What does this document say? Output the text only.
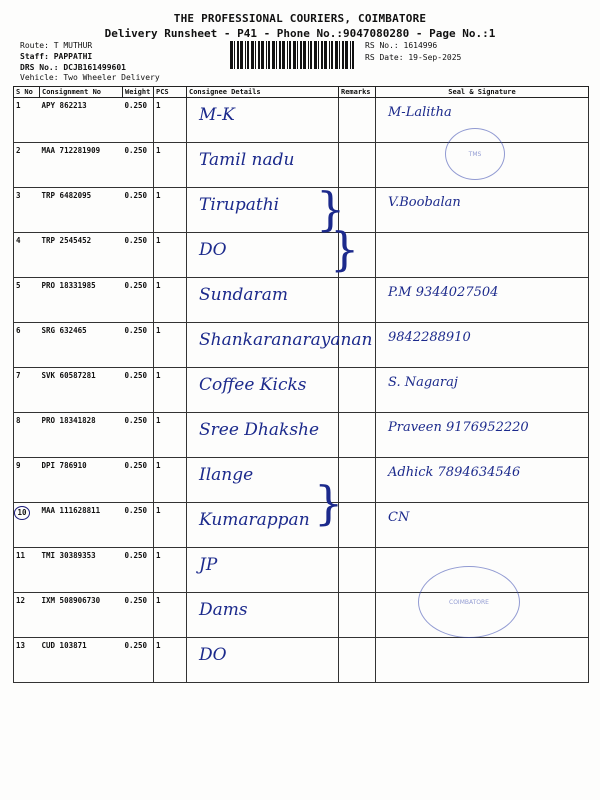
THE PROFESSIONAL COURIERS, COIMBATORE
Delivery Runsheet - P41 - Phone No.:9047080280 - Page No.:1
Route: T MUTHUR
Staff: PAPPATHI
DRS No.: DCJB161499601
Vehicle: Two Wheeler Delivery
RS No.: 1614996
RS Date: 19-Sep-2025
S No	Consignment No	Weight	PCS	Consignee Details	Remarks	Seal & Signature
1	APY 862213	0.250	1	M-K		M-Lalitha

2	MAA 712281909	0.250	1	Tamil nadu		

3	TRP 6482095	0.250	1	Tirupathi		V.Boobalan

4	TRP 2545452	0.250	1	DO		

5	PRO 18331985	0.250	1	Sundaram		P.M 9344027504

6	SRG 632465	0.250	1	Shankaranarayanan		9842288910

7	SVK 60587281	0.250	1	Coffee Kicks		S. Nagaraj

8	PRO 18341828	0.250	1	Sree Dhakshe		Praveen 9176952220

9	DPI 786910	0.250	1	Ilange		Adhick 7894634546

10	MAA 111628811	0.250	1	Kumarappan		CN

11	TMI 30389353	0.250	1	JP		

12	IXM 508906730	0.250	1	Dams		

13	CUD 103871	0.250	1	DO		

}
}
}
TMS
COIMBATORE
